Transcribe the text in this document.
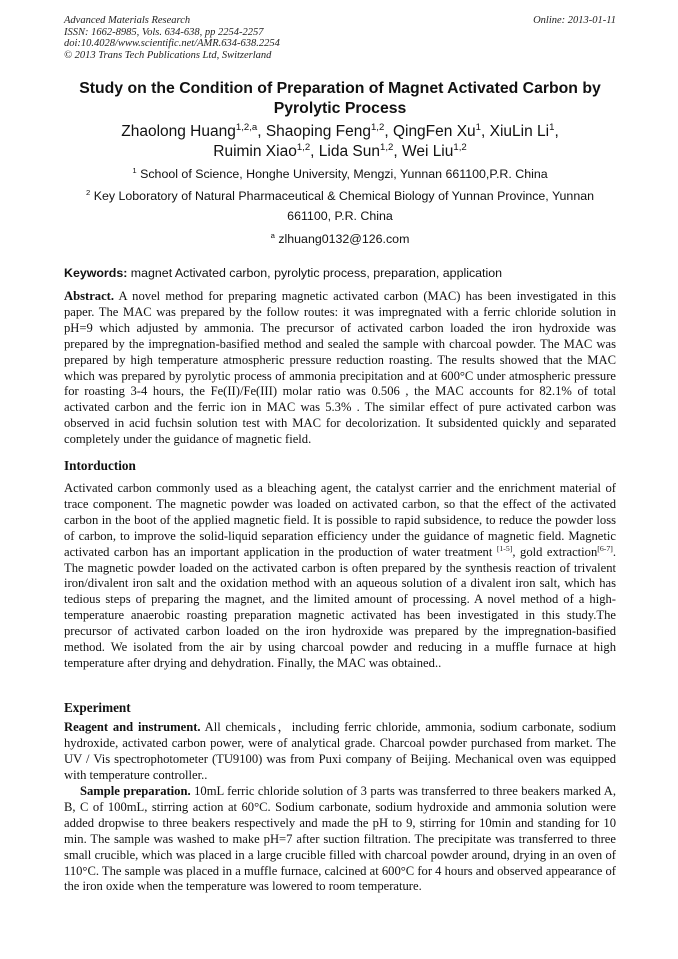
Advanced Materials Research
ISSN: 1662-8985, Vols. 634-638, pp 2254-2257
doi:10.4028/www.scientific.net/AMR.634-638.2254
© 2013 Trans Tech Publications Ltd, Switzerland
Online: 2013-01-11
Study on the Condition of Preparation of Magnet Activated Carbon by Pyrolytic Process
Zhaolong Huang$^{1,2,a}$, Shaoping Feng$^{1,2}$, QingFen Xu$^1$, XiuLin Li$^1$,
Ruimin Xiao$^{1,2}$, Lida Sun$^{1,2}$, Wei Liu$^{1,2}$
$^1$ School of Science, Honghe University, Mengzi, Yunnan 661100,P.R. China
$^2$ Key Loboratory of Natural Pharmaceutical & Chemical Biology of Yunnan Province, Yunnan
661100, P.R. China
$^a$ zlhuang0132@126.com
Keywords: magnet Activated carbon, pyrolytic process, preparation, application
Abstract. A novel method for preparing magnetic activated carbon (MAC) has been investigated in this paper. The MAC was prepared by the follow routes: it was impregnated with a ferric chloride solution in pH=9 which adjusted by ammonia. The precursor of activated carbon loaded the iron hydroxide was prepared by the impregnation-basified method and sealed the sample with charcoal powder. The MAC was prepared by high temperature atmospheric pressure reduction roasting. The results showed that the MAC which was prepared by pyrolytic process of ammonia precipitation and at 600°C under atmospheric pressure for roasting 3-4 hours, the Fe(II)/Fe(III) molar ratio was 0.506 , the MAC accounts for 82.1% of total activated carbon and the ferric ion in MAC was 5.3% . The similar effect of pure activated carbon was observed in acid fuchsin solution test with MAC for decolorization. It subsidented quickly and separated completely under the guidance of magnetic field.
Intorduction
Activated carbon commonly used as a bleaching agent, the catalyst carrier and the enrichment material of trace component. The magnetic powder was loaded on activated carbon, so that the effect of the activated carbon in the boot of the applied magnetic field. It is possible to rapid subsidence, to reduce the powder loss of carbon, to improve the solid-liquid separation efficiency under the guidance of magnetic field. Magnetic activated carbon has an important application in the production of water treatment [1-5], gold extraction[6-7]. The magnetic powder loaded on the activated carbon is often prepared by the synthesis reaction of trivalent iron/divalent iron salt and the oxidation method with an aqueous solution of a divalent iron salt, which has tedious steps of preparing the magnet, and the limited amount of processing. A novel method of a high-temperature anaerobic roasting preparation magnetic activated has been investigated in this study.The precursor of activated carbon loaded on the iron hydroxide was prepared by the impregnation-basified method. We isolated from the air by using charcoal powder and reducing in a muffle furnace at high temperature after drying and dehydration. Finally, the MAC was obtained..
Experiment
Reagent and instrument. All chemicals，including ferric chloride, ammonia, sodium carbonate, sodium hydroxide, activated carbon power, were of analytical grade. Charcoal powder purchased from market. The UV / Vis spectrophotometer (TU9100) was from Puxi company of Beijing. Mechanical oven was equipped with temperature controller..
Sample preparation. 10mL ferric chloride solution of 3 parts was transferred to three beakers marked A, B, C of 100mL, stirring action at 60°C. Sodium carbonate, sodium hydroxide and ammonia solution were added dropwise to three beakers respectively and made the pH to 9, stirring for 10min and standing for 10 min. The sample was washed to make pH=7 after suction filtration. The precipitate was transferred to three small crucible, which was placed in a large crucible filled with charcoal powder around, drying in an oven of 110°C. The sample was placed in a muffle furnace, calcined at 600°C for 4 hours and observed appearance of the iron oxide when the temperature was lowered to room temperature.
